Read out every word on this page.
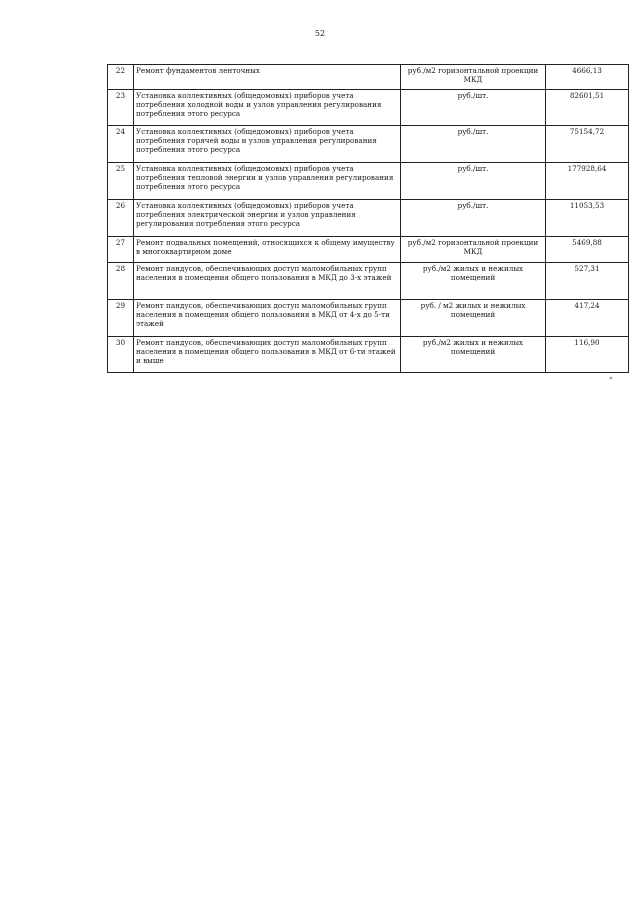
52
22	Ремонт фундаментов ленточных	руб./м2 горизонтальной проекции МКД	4666,13
23	Установка коллективных (общедомовых) приборов учета потребления холодной воды и узлов управления регулирования потребления этого ресурса	руб./шт.	82601,51
24	Установка коллективных (общедомовых) приборов учета потребления горячей воды и узлов управления регулирования потребления этого ресурса	руб./шт.	75154,72
25	Установка коллективных (общедомовых) приборов учета потребления тепловой энергии и узлов управления регулирования потребления этого ресурса	руб./шт.	177928,64
26	Установка коллективных (общедомовых) приборов учета потребления электрической энергии и узлов управления регулирования потребления этого ресурса	руб./шт.	11053,53
27	Ремонт подвальных помещений, относящихся к общему имуществу в многоквартирном доме	руб./м2 горизонтальной проекции МКД	5469,88
28	Ремонт пандусов, обеспечивающих доступ маломобильных групп населения в помещения общего пользования в МКД до 3-х этажей	руб./м2 жилых и нежилых помещений	527,31
29	Ремонт пандусов, обеспечивающих доступ маломобильных групп населения в помещения общего пользования в МКД от 4-х до 5-ти этажей	руб. / м2 жилых и нежилых помещений	417,24
30	Ремонт пандусов, обеспечивающих доступ маломобильных групп населения в помещения общего пользования в МКД от 6-ти этажей и выше	руб./м2 жилых и нежилых помещений	116,90
«
